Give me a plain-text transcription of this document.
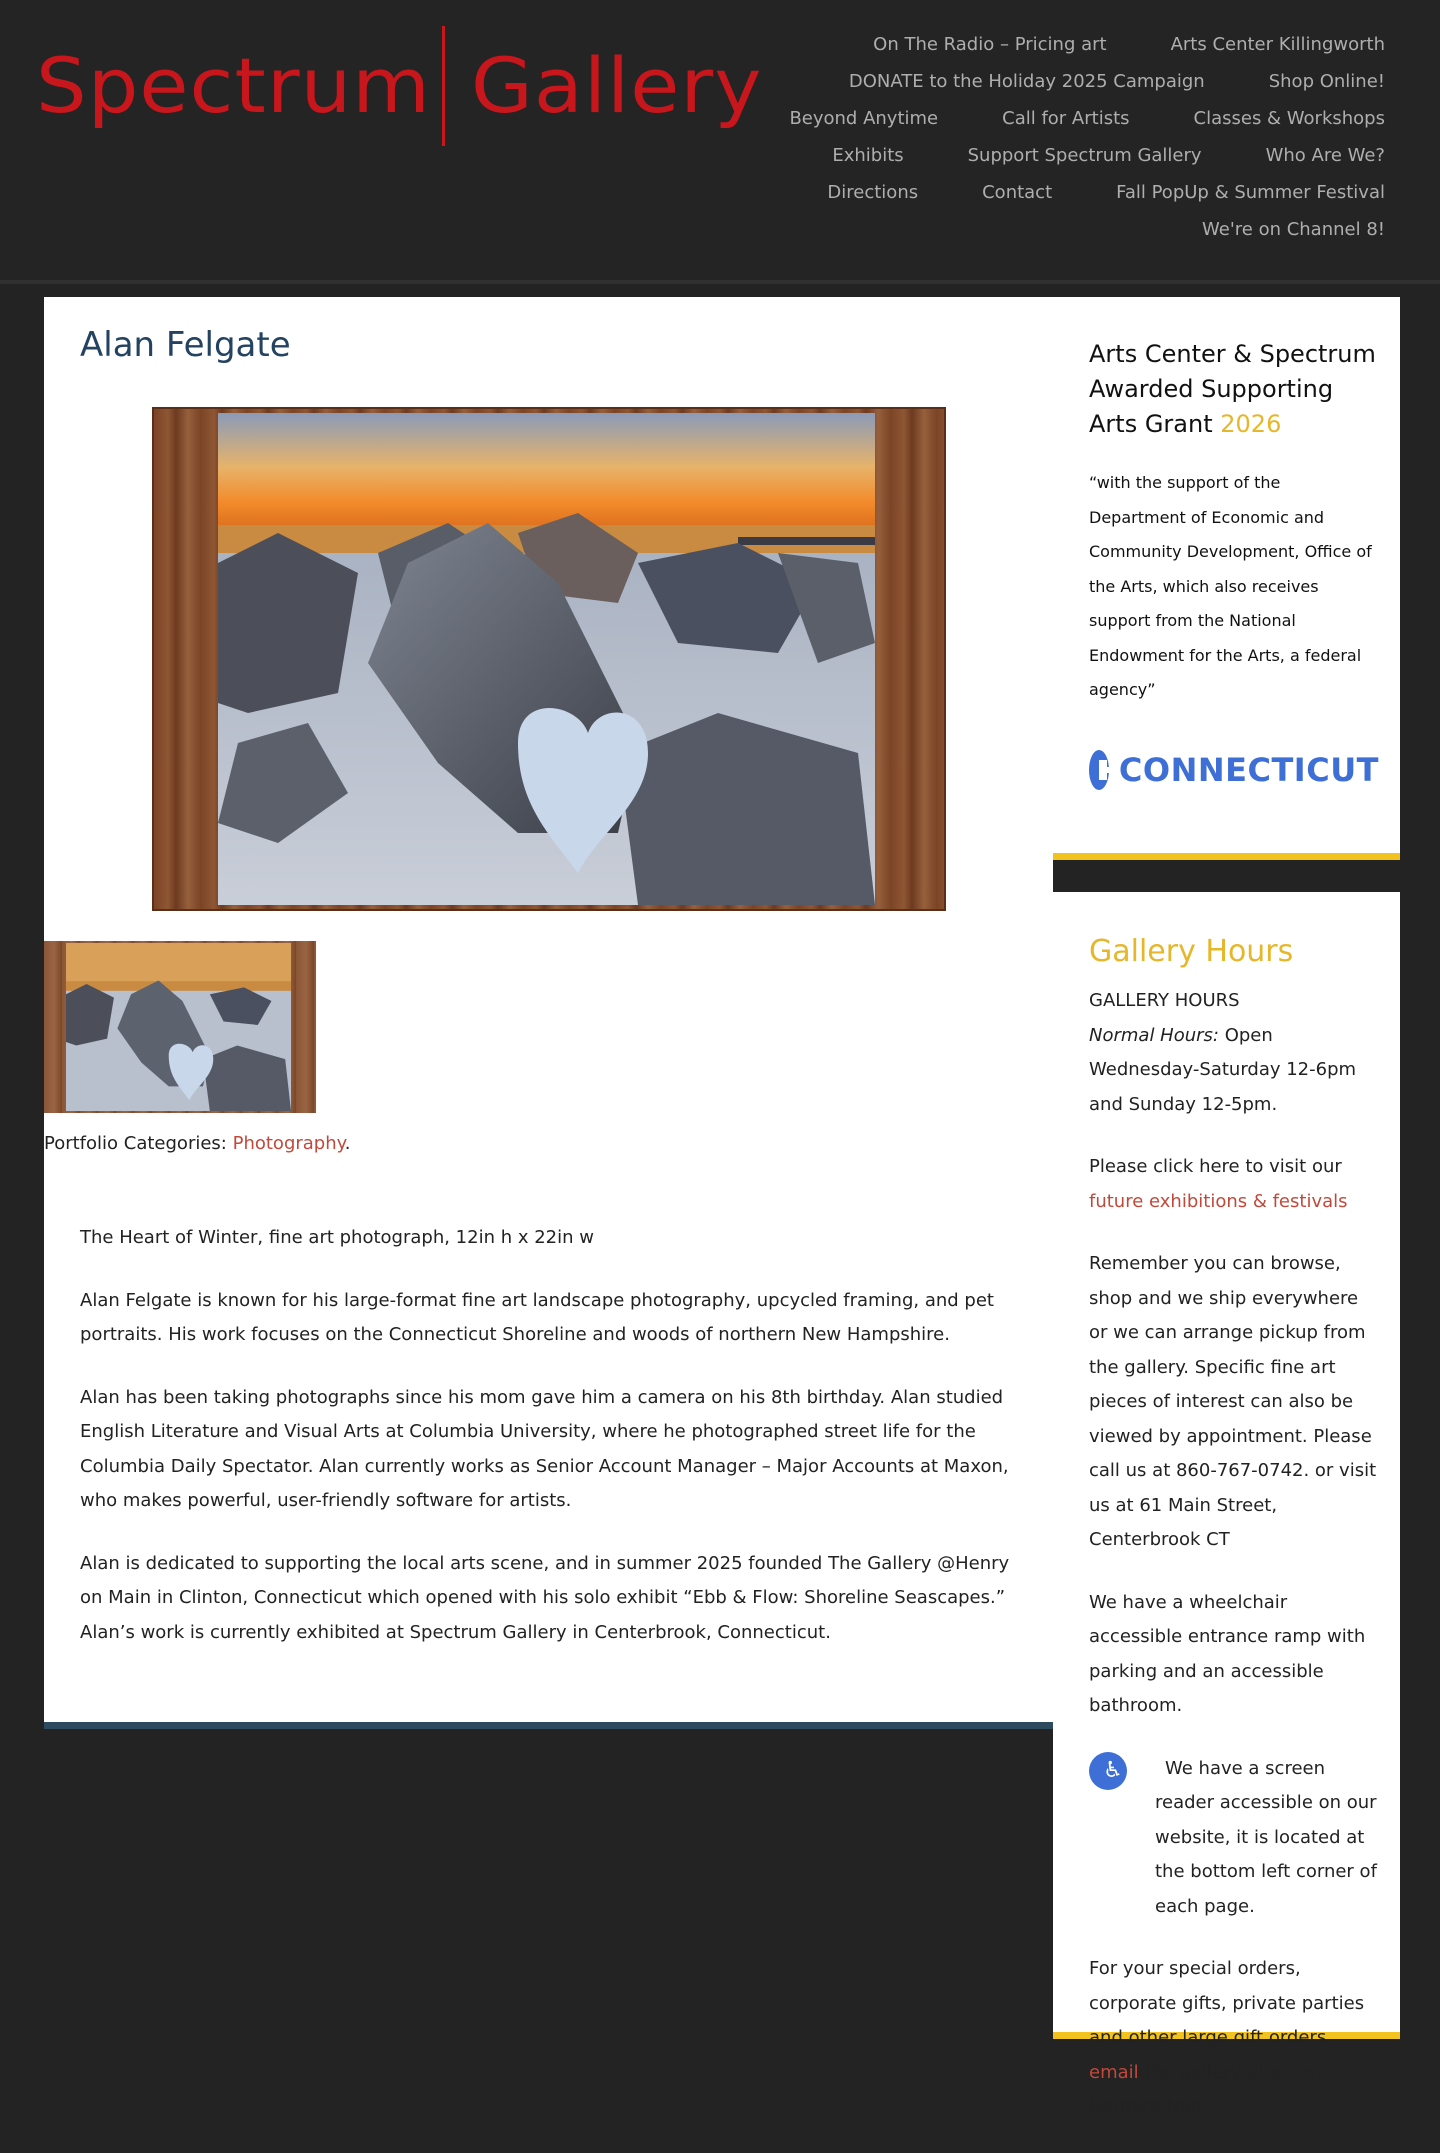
Spectrum Gallery	On The Radio – Pricing art	Arts Center Killingworth
DONATE to the Holiday 2025 Campaign	Shop Online!
Beyond Anytime	Call for Artists	Classes & Workshops
Exhibits	Support Spectrum Gallery	Who Are We?
Directions	Contact	Fall PopUp & Summer Festival
We're on Channel 8!
Alan Felgate
Portfolio Categories: Photography.

The Heart of Winter, fine art photograph, 12in h x 22in w

Alan Felgate is known for his large-format fine art landscape photography, upcycled framing, and pet portraits. His work focuses on the Connecticut Shoreline and woods of northern New Hampshire.

Alan has been taking photographs since his mom gave him a camera on his 8th birthday. Alan studied English Literature and Visual Arts at Columbia University, where he photographed street life for the Columbia Daily Spectator. Alan currently works as Senior Account Manager – Major Accounts at Maxon, who makes powerful, user-friendly software for artists.

Alan is dedicated to supporting the local arts scene, and in summer 2025 founded The Gallery @Henry on Main in Clinton, Connecticut which opened with his solo exhibit “Ebb & Flow: Shoreline Seascapes.” Alan’s work is currently exhibited at Spectrum Gallery in Centerbrook, Connecticut.

Arts Center & Spectrum Awarded Supporting Arts Grant 2026

“with the support of the Department of Economic and Community Development, Office of the Arts, which also receives support from the National Endowment for the Arts, a federal agency”

CONNECTICUT
Gallery Hours

GALLERY HOURS
Normal Hours: Open Wednesday-Saturday 12-6pm and Sunday 12-5pm.

Please click here to visit our future exhibitions & festivals

Remember you can browse, shop and we ship everywhere or we can arrange pickup from the gallery. Specific fine art pieces of interest can also be viewed by appointment. Please call us at 860-767-0742. or visit us at 61 Main Street, Centerbrook CT

We have a wheelchair accessible entrance ramp with parking and an accessible bathroom.

♿ We have a screen reader accessible on our website, it is located at the bottom left corner of each page.

For your special orders, corporate gifts, private parties and other large gift orders. email the gallery director, Barbara Nair.
